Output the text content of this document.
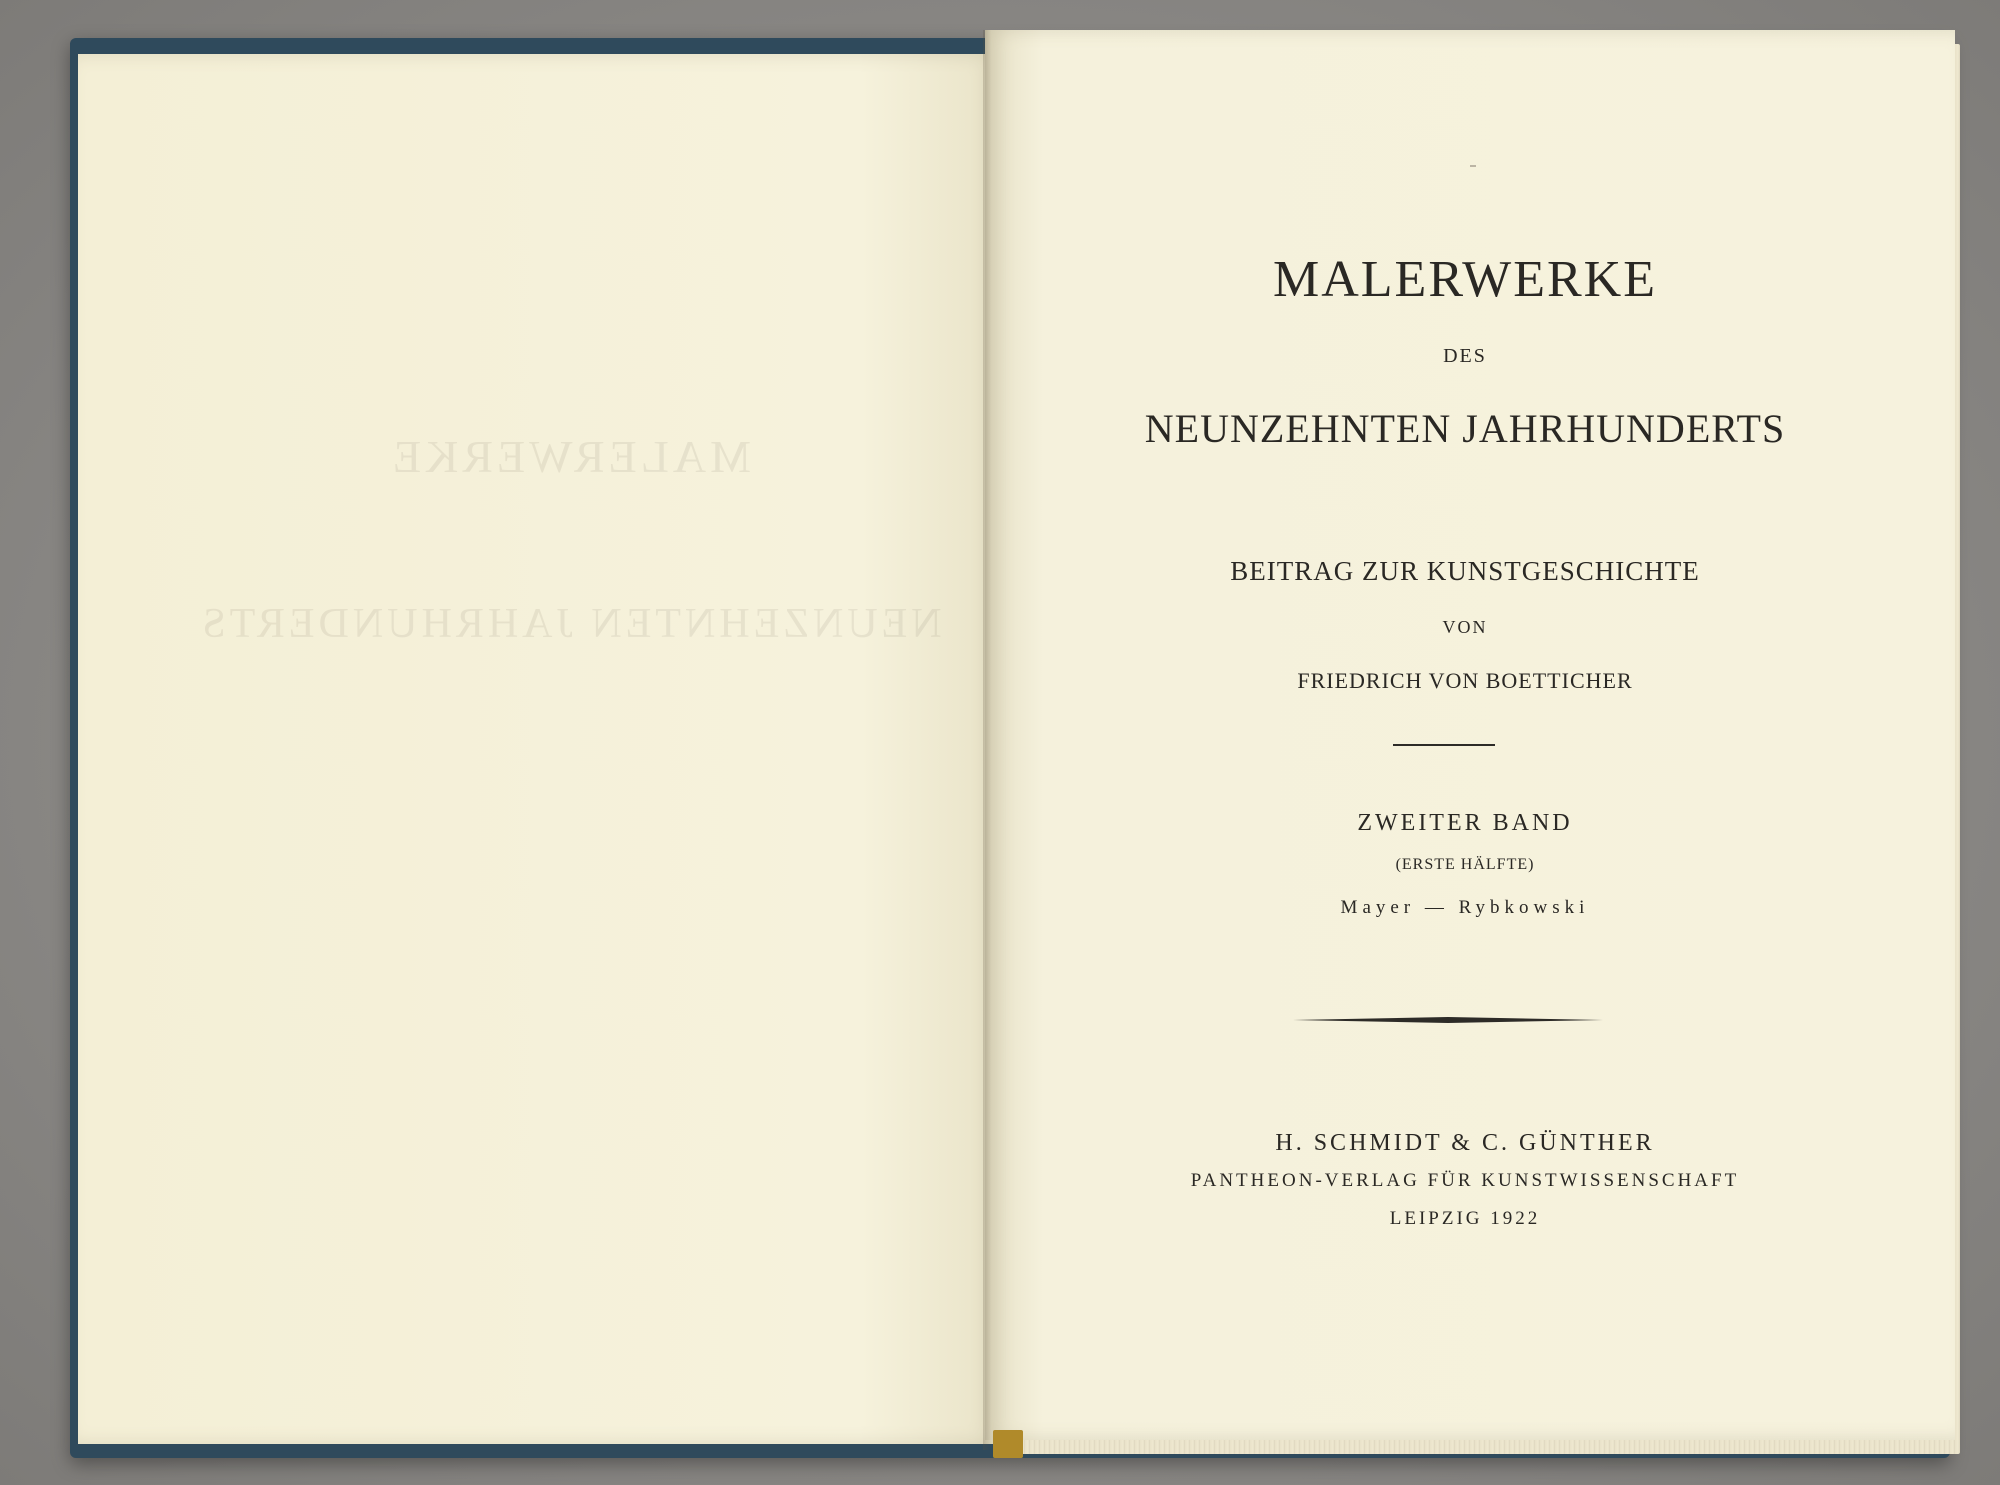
MALERWERKE
NEUNZEHNTEN JAHRHUNDERTS
MALERWERKE
DES
NEUNZEHNTEN JAHRHUNDERTS
BEITRAG ZUR KUNSTGESCHICHTE
VON
FRIEDRICH VON BOETTICHER
ZWEITER BAND
(ERSTE HÄLFTE)
Mayer — Rybkowski
H. SCHMIDT & C. GÜNTHER
PANTHEON-VERLAG FÜR KUNSTWISSENSCHAFT
LEIPZIG 1922
